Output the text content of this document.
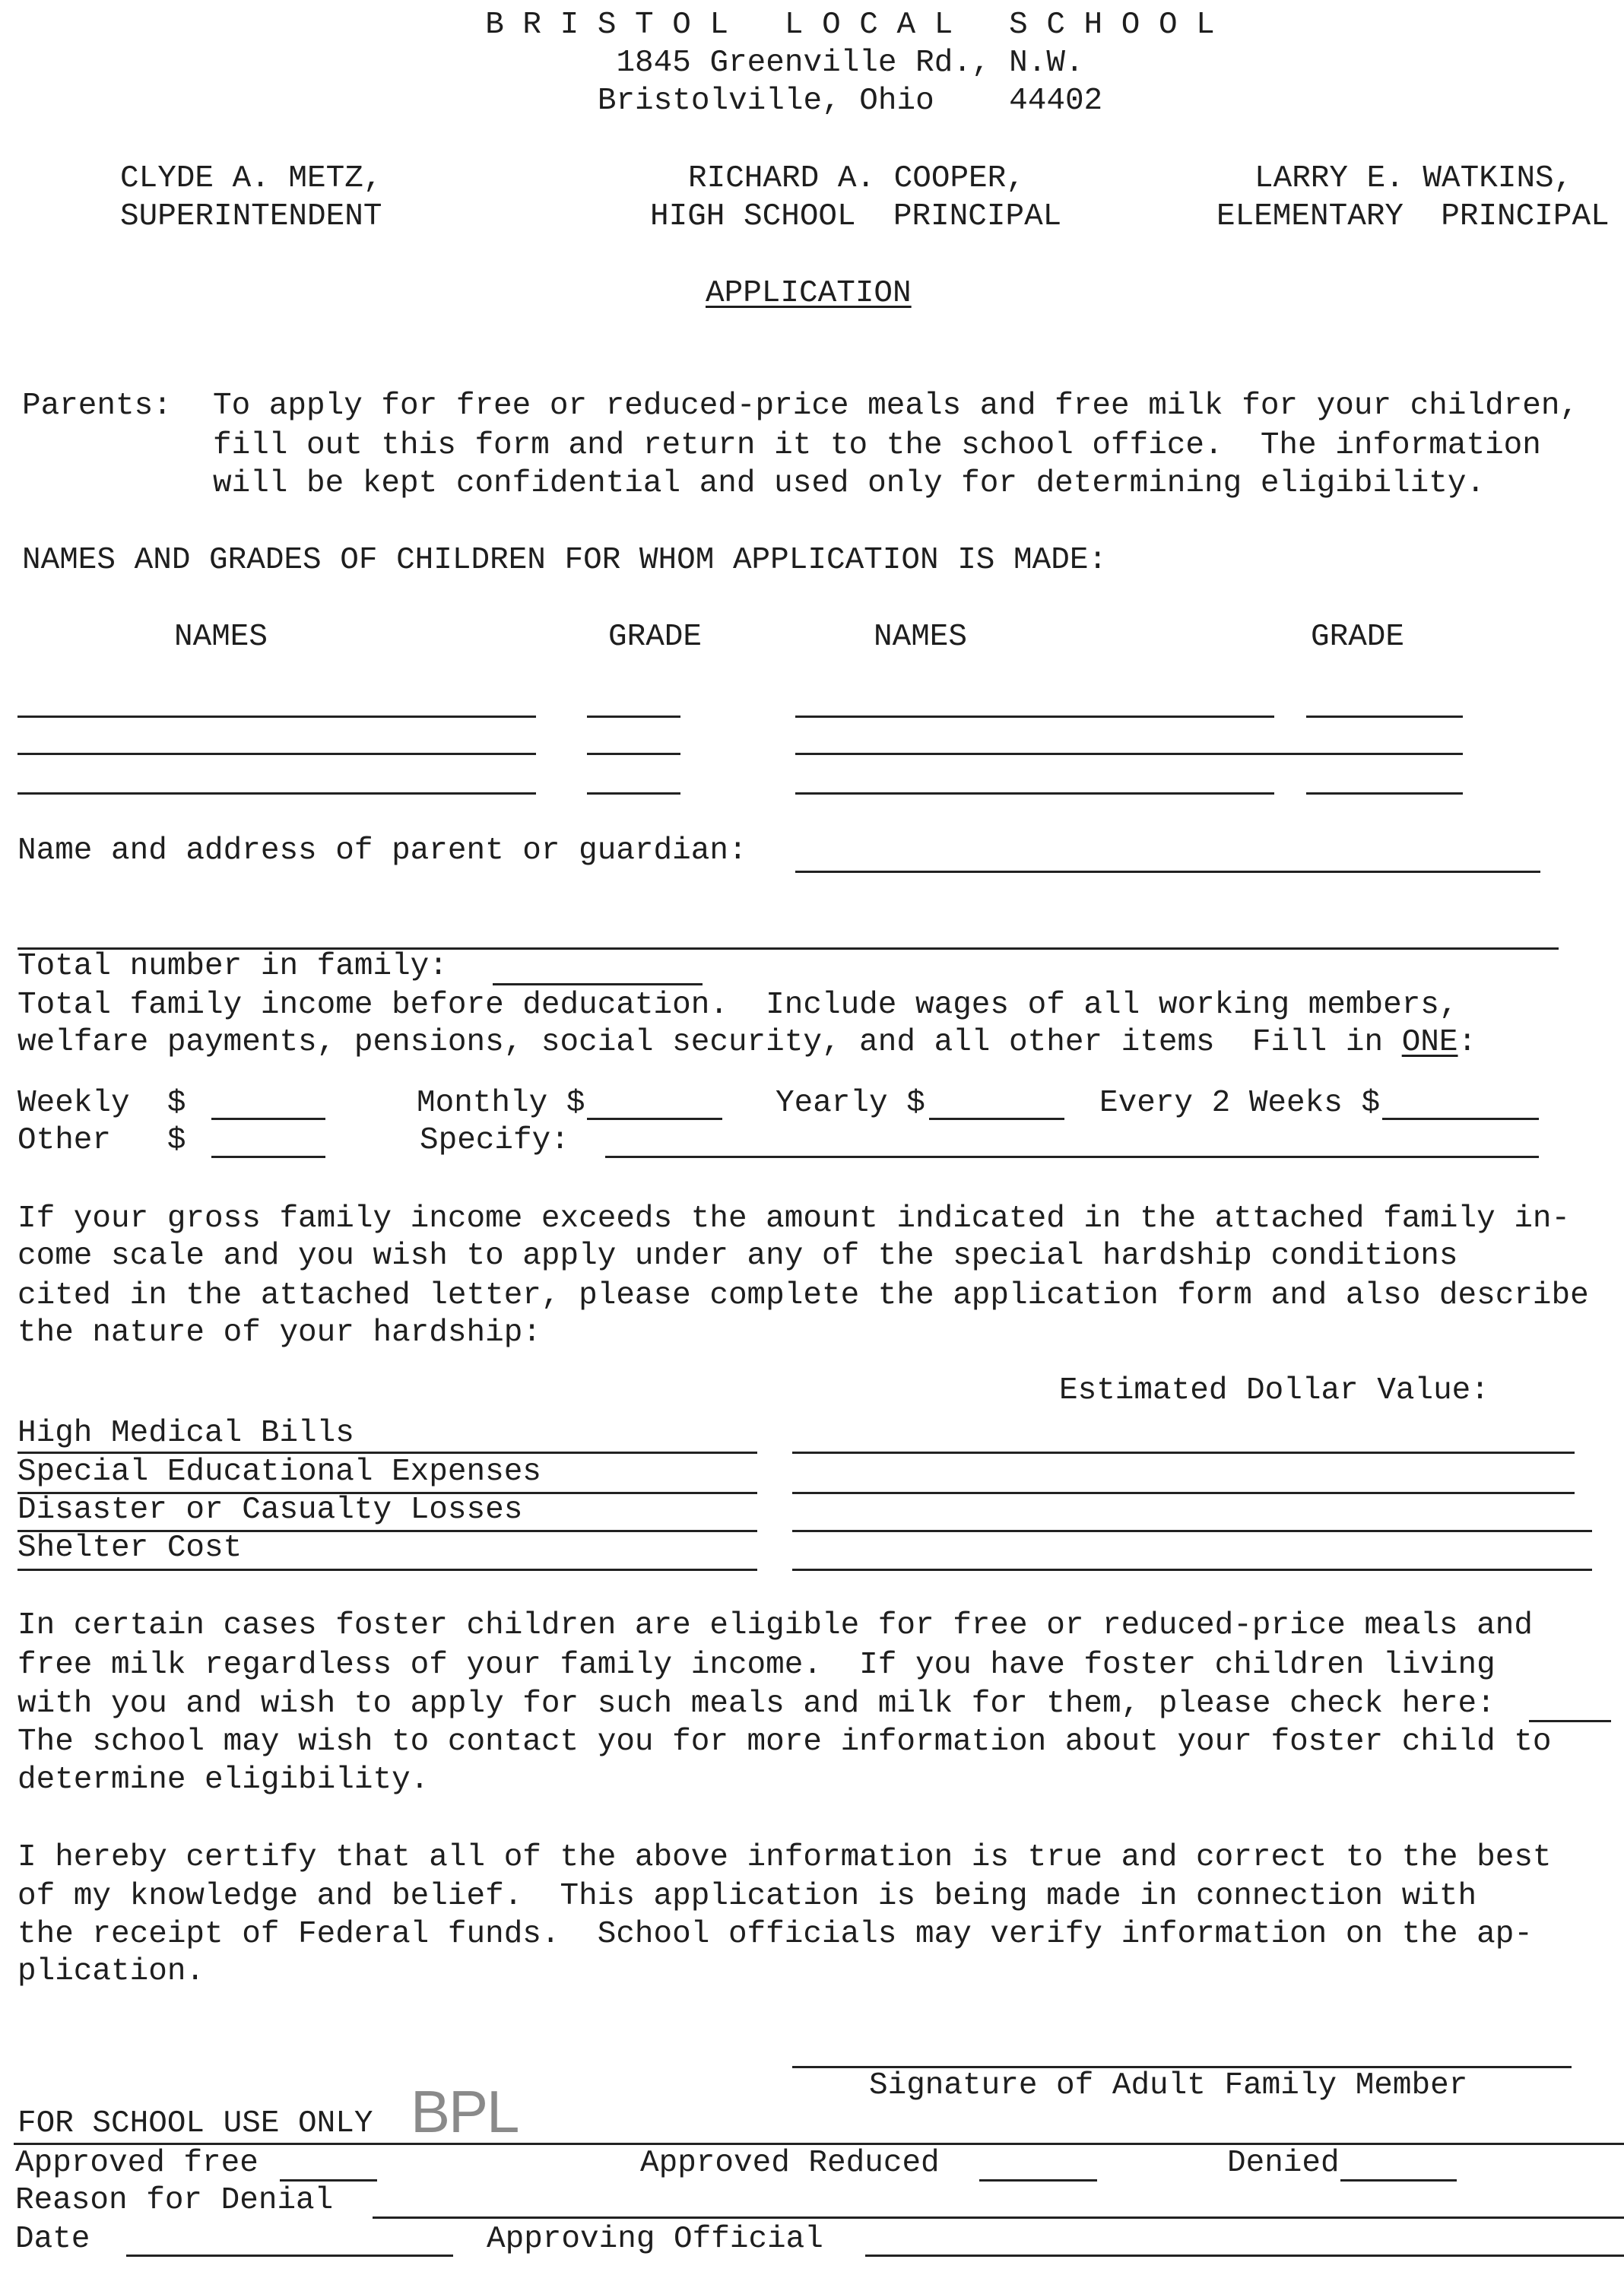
B R I S T O L   L O C A L   S C H O O L
1845 Greenville Rd., N.W.
Bristolville, Ohio    44402
CLYDE A. METZ,
SUPERINTENDENT
RICHARD A. COOPER,
HIGH SCHOOL  PRINCIPAL
LARRY E. WATKINS,
ELEMENTARY  PRINCIPAL
APPLICATION
Parents: To apply for free or reduced-price meals and free milk for your children,
fill out this form and return it to the school office.  The information
will be kept confidential and used only for determining eligibility.
NAMES AND GRADES OF CHILDREN FOR WHOM APPLICATION IS MADE:
NAMES	GRADE	NAMES	GRADE
Name and address of parent or guardian:
Total number in family:
Total family income before deducation.  Include wages of all working members,
welfare payments, pensions, social security, and all other items  Fill in ONE:
Weekly  $	Monthly $	Yearly $	Every 2 Weeks $
Other   $	Specify:
If your gross family income exceeds the amount indicated in the attached family in-
come scale and you wish to apply under any of the special hardship conditions
cited in the attached letter, please complete the application form and also describe
the nature of your hardship:
Estimated Dollar Value:
High Medical Bills
Special Educational Expenses
Disaster or Casualty Losses
Shelter Cost
In certain cases foster children are eligible for free or reduced-price meals and
free milk regardless of your family income.  If you have foster children living
with you and wish to apply for such meals and milk for them, please check here:
The school may wish to contact you for more information about your foster child to
determine eligibility.
I hereby certify that all of the above information is true and correct to the best
of my knowledge and belief.  This application is being made in connection with
the receipt of Federal funds.  School officials may verify information on the ap-
plication.
Signature of Adult Family Member
BPL
FOR SCHOOL USE ONLY
Approved free	Approved Reduced	Denied
Reason for Denial
Date	Approving Official
